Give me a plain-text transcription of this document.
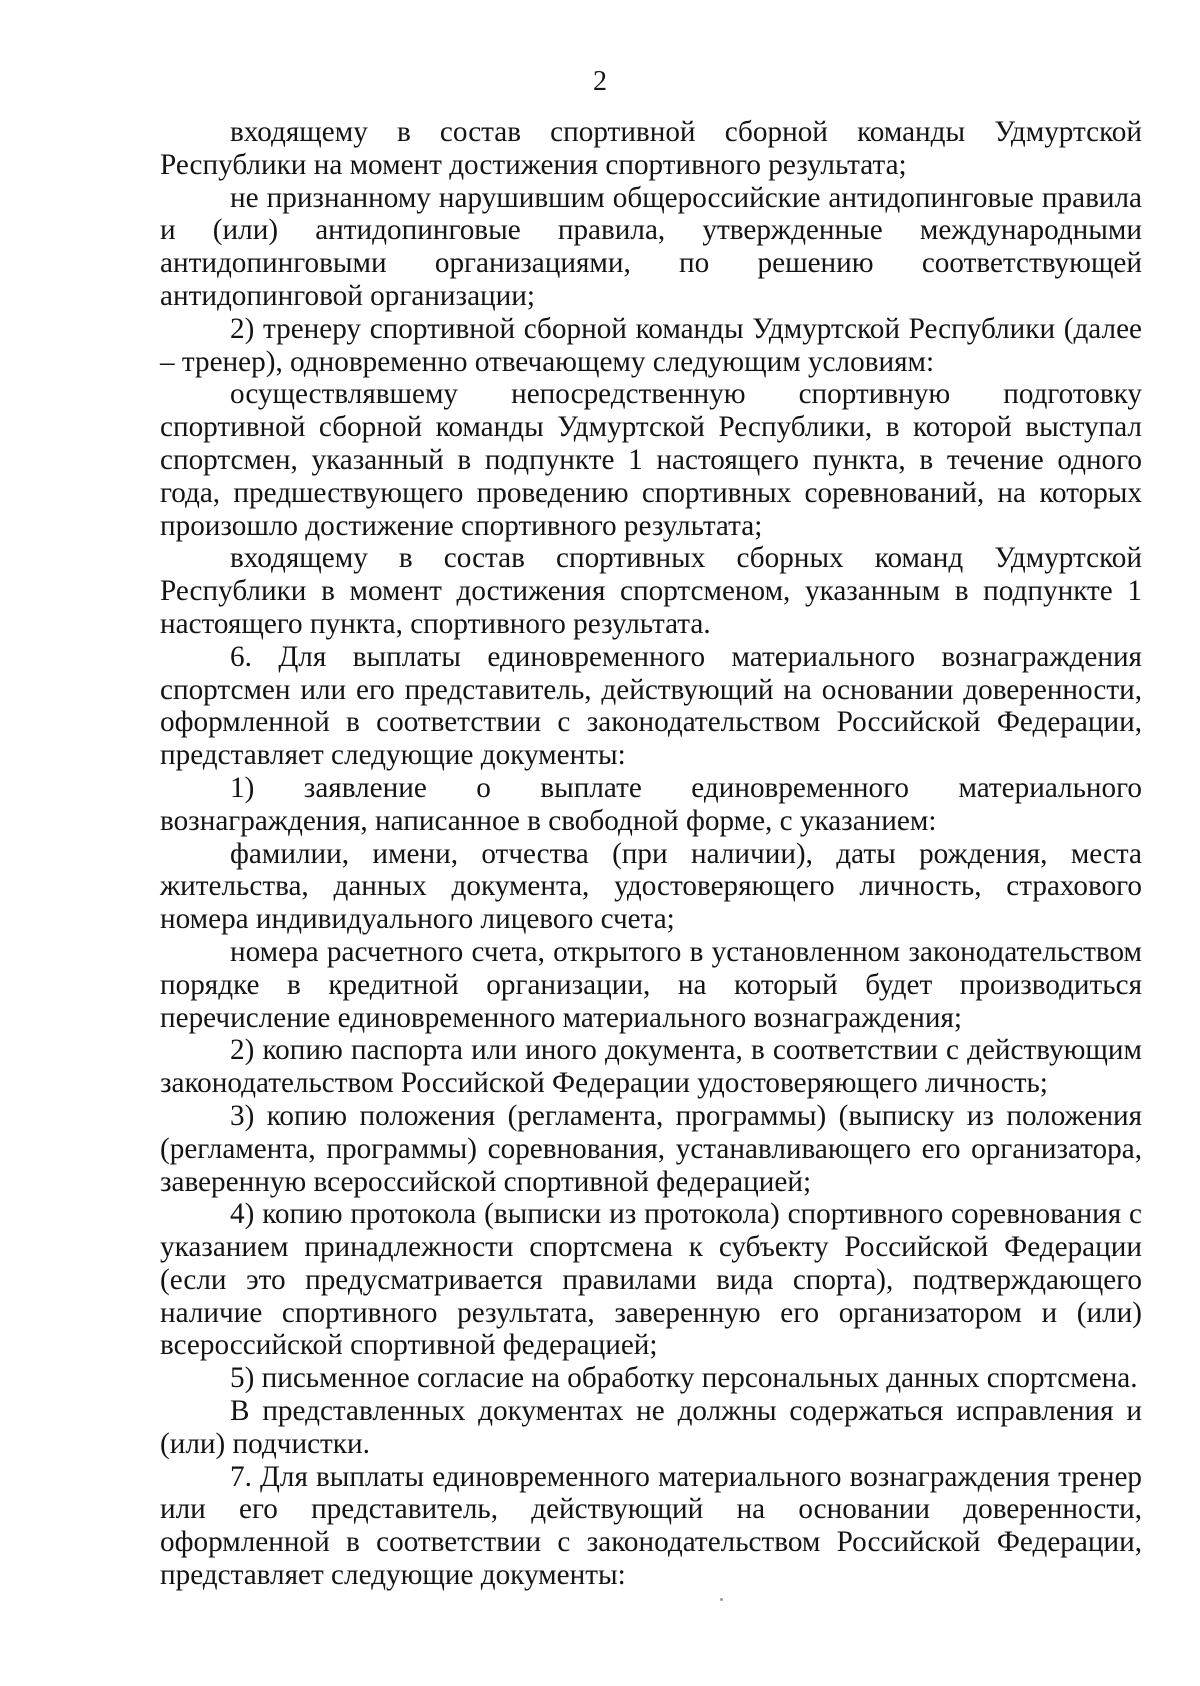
2

входящему в состав спортивной сборной команды Удмуртской Республики на момент достижения спортивного результата;

не признанному нарушившим общероссийские антидопинговые правила и (или) антидопинговые правила, утвержденные международными антидопинговыми организациями, по решению соответствующей антидопинговой организации;

2) тренеру спортивной сборной команды Удмуртской Республики (далее – тренер), одновременно отвечающему следующим условиям:

осуществлявшему непосредственную спортивную подготовку спортивной сборной команды Удмуртской Республики, в которой выступал спортсмен, указанный в подпункте 1 настоящего пункта, в течение одного года, предшествующего проведению спортивных соревнований, на которых произошло достижение спортивного результата;

входящему в состав спортивных сборных команд Удмуртской Республики в момент достижения спортсменом, указанным в подпункте 1 настоящего пункта, спортивного результата.

6. Для выплаты единовременного материального вознаграждения спортсмен или его представитель, действующий на основании доверенности, оформленной в соответствии с законодательством Российской Федерации, представляет следующие документы:

1) заявление о выплате единовременного материального вознаграждения, написанное в свободной форме, с указанием:

фамилии, имени, отчества (при наличии), даты рождения, места жительства, данных документа, удостоверяющего личность, страхового номера индивидуального лицевого счета;

номера расчетного счета, открытого в установленном законодательством порядке в кредитной организации, на который будет производиться перечисление единовременного материального вознаграждения;

2) копию паспорта или иного документа, в соответствии с действующим законодательством Российской Федерации удостоверяющего личность;

3) копию положения (регламента, программы) (выписку из положения (регламента, программы) соревнования, устанавливающего его организатора, заверенную всероссийской спортивной федерацией;

4) копию протокола (выписки из протокола) спортивного соревнования с указанием принадлежности спортсмена к субъекту Российской Федерации (если это предусматривается правилами вида спорта), подтверждающего наличие спортивного результата, заверенную его организатором и (или) всероссийской спортивной федерацией;

5) письменное согласие на обработку персональных данных спортсмена.

В представленных документах не должны содержаться исправления и (или) подчистки.

7. Для выплаты единовременного материального вознаграждения тренер или его представитель, действующий на основании доверенности, оформленной в соответствии с законодательством Российской Федерации, представляет следующие документы:
